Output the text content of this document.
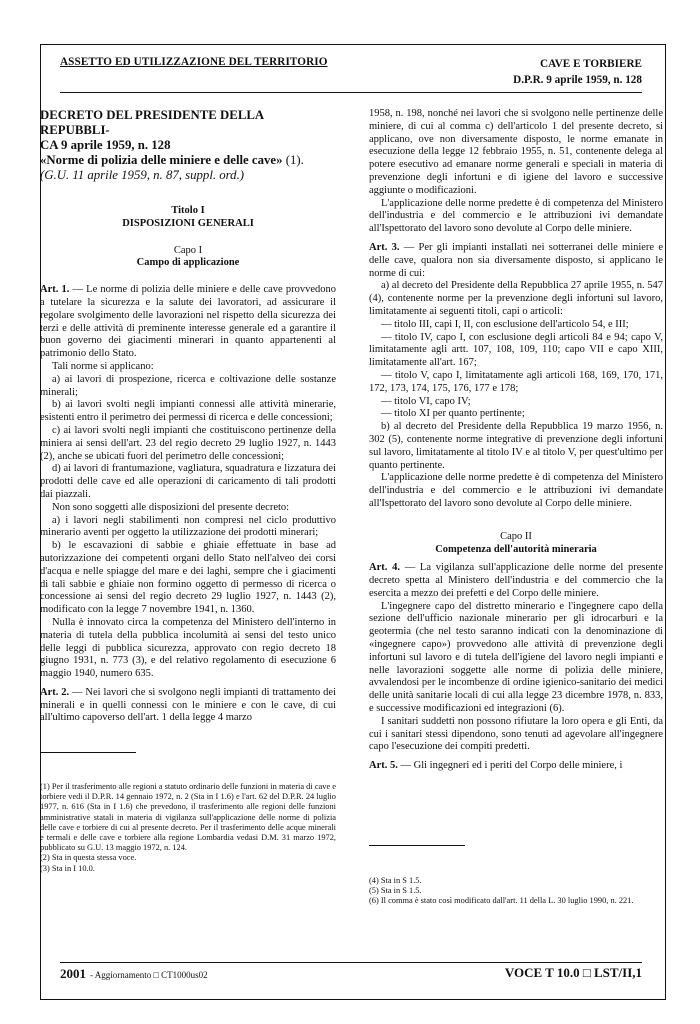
ASSETTO ED UTILIZZAZIONE DEL TERRITORIO	CAVE E TORBIERE
D.P.R. 9 aprile 1959, n. 128

DECRETO DEL PRESIDENTE DELLA REPUBBLI-

CA 9 aprile 1959, n. 128

«Norme di polizia delle miniere e delle cave» (1).

(G.U. 11 aprile 1959, n. 87, suppl. ord.)

Titolo I

DISPOSIZIONI GENERALI

Capo I

Campo di applicazione

Art. 1. — Le norme di polizia delle miniere e delle cave provvedono a tutelare la sicurezza e la salute dei lavoratori, ad assicurare il regolare svolgimento delle lavorazioni nel rispetto della sicurezza dei terzi e delle attività di preminente interesse generale ed a garantire il buon governo dei giacimenti minerari in quanto appartenenti al patrimonio dello Stato.

Tali norme si applicano:

a) ai lavori di prospezione, ricerca e coltivazione delle sostanze minerali;

b) ai lavori svolti negli impianti connessi alle attività minerarie, esistenti entro il perimetro dei permessi di ricerca e delle concessioni;

c) ai lavori svolti negli impianti che costituiscono pertinenze della miniera ai sensi dell'art. 23 del regio decreto 29 luglio 1927, n. 1443 (2), anche se ubicati fuori del perimetro delle concessioni;

d) ai lavori di frantumazione, vagliatura, squadratura e lizzatura dei prodotti delle cave ed alle operazioni di caricamento di tali prodotti dai piazzali.

Non sono soggetti alle disposizioni del presente decreto:

a) i lavori negli stabilimenti non compresi nel ciclo produttivo minerario aventi per oggetto la utilizzazione dei prodotti minerari;

b) le escavazioni di sabbie e ghiaie effettuate in base ad autorizzazione dei competenti organi dello Stato nell'alveo dei corsi d'acqua e nelle spiagge del mare e dei laghi, sempre che i giacimenti di tali sabbie e ghiaie non formino oggetto di permesso di ricerca o concessione ai sensi del regio decreto 29 luglio 1927, n. 1443 (2), modificato con la legge 7 novembre 1941, n. 1360.

Nulla è innovato circa la competenza del Ministero dell'interno in materia di tutela della pubblica incolumità ai sensi del testo unico delle leggi di pubblica sicurezza, approvato con regio decreto 18 giugno 1931, n. 773 (3), e del relativo regolamento di esecuzione 6 maggio 1940, numero 635.

Art. 2. — Nei lavori che si svolgono negli impianti di trattamento dei minerali e in quelli connessi con le miniere e con le cave, di cui all'ultimo capoverso dell'art. 1 della legge 4 marzo

1958, n. 198, nonché nei lavori che si svolgono nelle pertinenze delle miniere, di cui al comma c) dell'articolo 1 del presente decreto, si applicano, ove non diversamente disposto, le norme emanate in esecuzione della legge 12 febbraio 1955, n. 51, contenente delega al potere esecutivo ad emanare norme generali e speciali in materia di prevenzione degli infortuni e di igiene del lavoro e successive aggiunte o modificazioni.

L'applicazione delle norme predette è di competenza del Ministero dell'industria e del commercio e le attribuzioni ivi demandate all'Ispettorato del lavoro sono devolute al Corpo delle miniere.

Art. 3. — Per gli impianti installati nei sotterranei delle miniere e delle cave, qualora non sia diversamente disposto, si applicano le norme di cui:

a) al decreto del Presidente della Repubblica 27 aprile 1955, n. 547 (4), contenente norme per la prevenzione degli infortuni sul lavoro, limitatamente ai seguenti titoli, capi o articoli:

— titolo III, capi I, II, con esclusione dell'articolo 54, e III;

— titolo IV, capo I, con esclusione degli articoli 84 e 94; capo V, limitatamente agli artt. 107, 108, 109, 110; capo VII e capo XIII, limitatamente all'art. 167;

— titolo V, capo I, limitatamente agli articoli 168, 169, 170, 171, 172, 173, 174, 175, 176, 177 e 178;

— titolo VI, capo IV;

— titolo XI per quanto pertinente;

b) al decreto del Presidente della Repubblica 19 marzo 1956, n. 302 (5), contenente norme integrative di prevenzione degli infortuni sul lavoro, limitatamente al titolo IV e al titolo V, per quest'ultimo per quanto pertinente.

L'applicazione delle norme predette è di competenza del Ministero dell'industria e del commercio e le attribuzioni ivi demandate all'Ispettorato del lavoro sono devolute al Corpo delle miniere.

Capo II

Competenza dell'autorità mineraria

Art. 4. — La vigilanza sull'applicazione delle norme del presente decreto spetta al Ministero dell'industria e del commercio che la esercita a mezzo dei prefetti e del Corpo delle miniere.

L'ingegnere capo del distretto minerario e l'ingegnere capo della sezione dell'ufficio nazionale minerario per gli idrocarburi e la geotermia (che nel testo saranno indicati con la denominazione di «ingegnere capo») provvedono alle attività di prevenzione degli infortuni sul lavoro e di tutela dell'igiene del lavoro negli impianti e nelle lavorazioni soggette alle norme di polizia delle miniere, avvalendosi per le incombenze di ordine igienico-sanitario dei medici delle unità sanitarie locali di cui alla legge 23 dicembre 1978, n. 833, e successive modificazioni ed integrazioni (6).

I sanitari suddetti non possono rifiutare la loro opera e gli Enti, da cui i sanitari stessi dipendono, sono tenuti ad agevolare all'ingegnere capo l'esecuzione dei compiti predetti.

Art. 5. — Gli ingegneri ed i periti del Corpo delle miniere, i

(1) Per il trasferimento alle regioni a statuto ordinario delle funzioni in materia di cave e torbiere vedi il D.P.R. 14 gennaio 1972, n. 2 (Sta in I 1.6) e l'art. 62 del D.P.R. 24 luglio 1977, n. 616 (Sta in I 1.6) che prevedono, il trasferimento alle regioni delle funzioni amministrative statali in materia di vigilanza sull'applicazione delle norme di polizia delle cave e torbiere di cui al presente decreto. Per il trasferimento delle acque minerali e termali e delle cave e torbiere alla regione Lombardia vedasi D.M. 31 marzo 1972, pubblicato su G.U. 13 maggio 1972, n. 124.

(2) Sta in questa stessa voce.

(3) Sta in I 10.0.

(4) Sta in S 1.5.

(5) Sta in S 1.5.

(6) Il comma è stato così modificato dall'art. 11 della L. 30 luglio 1990, n. 221.

2001 - Aggiornamento □ CT1000us02	VOCE T 10.0 □ LST/II,1
